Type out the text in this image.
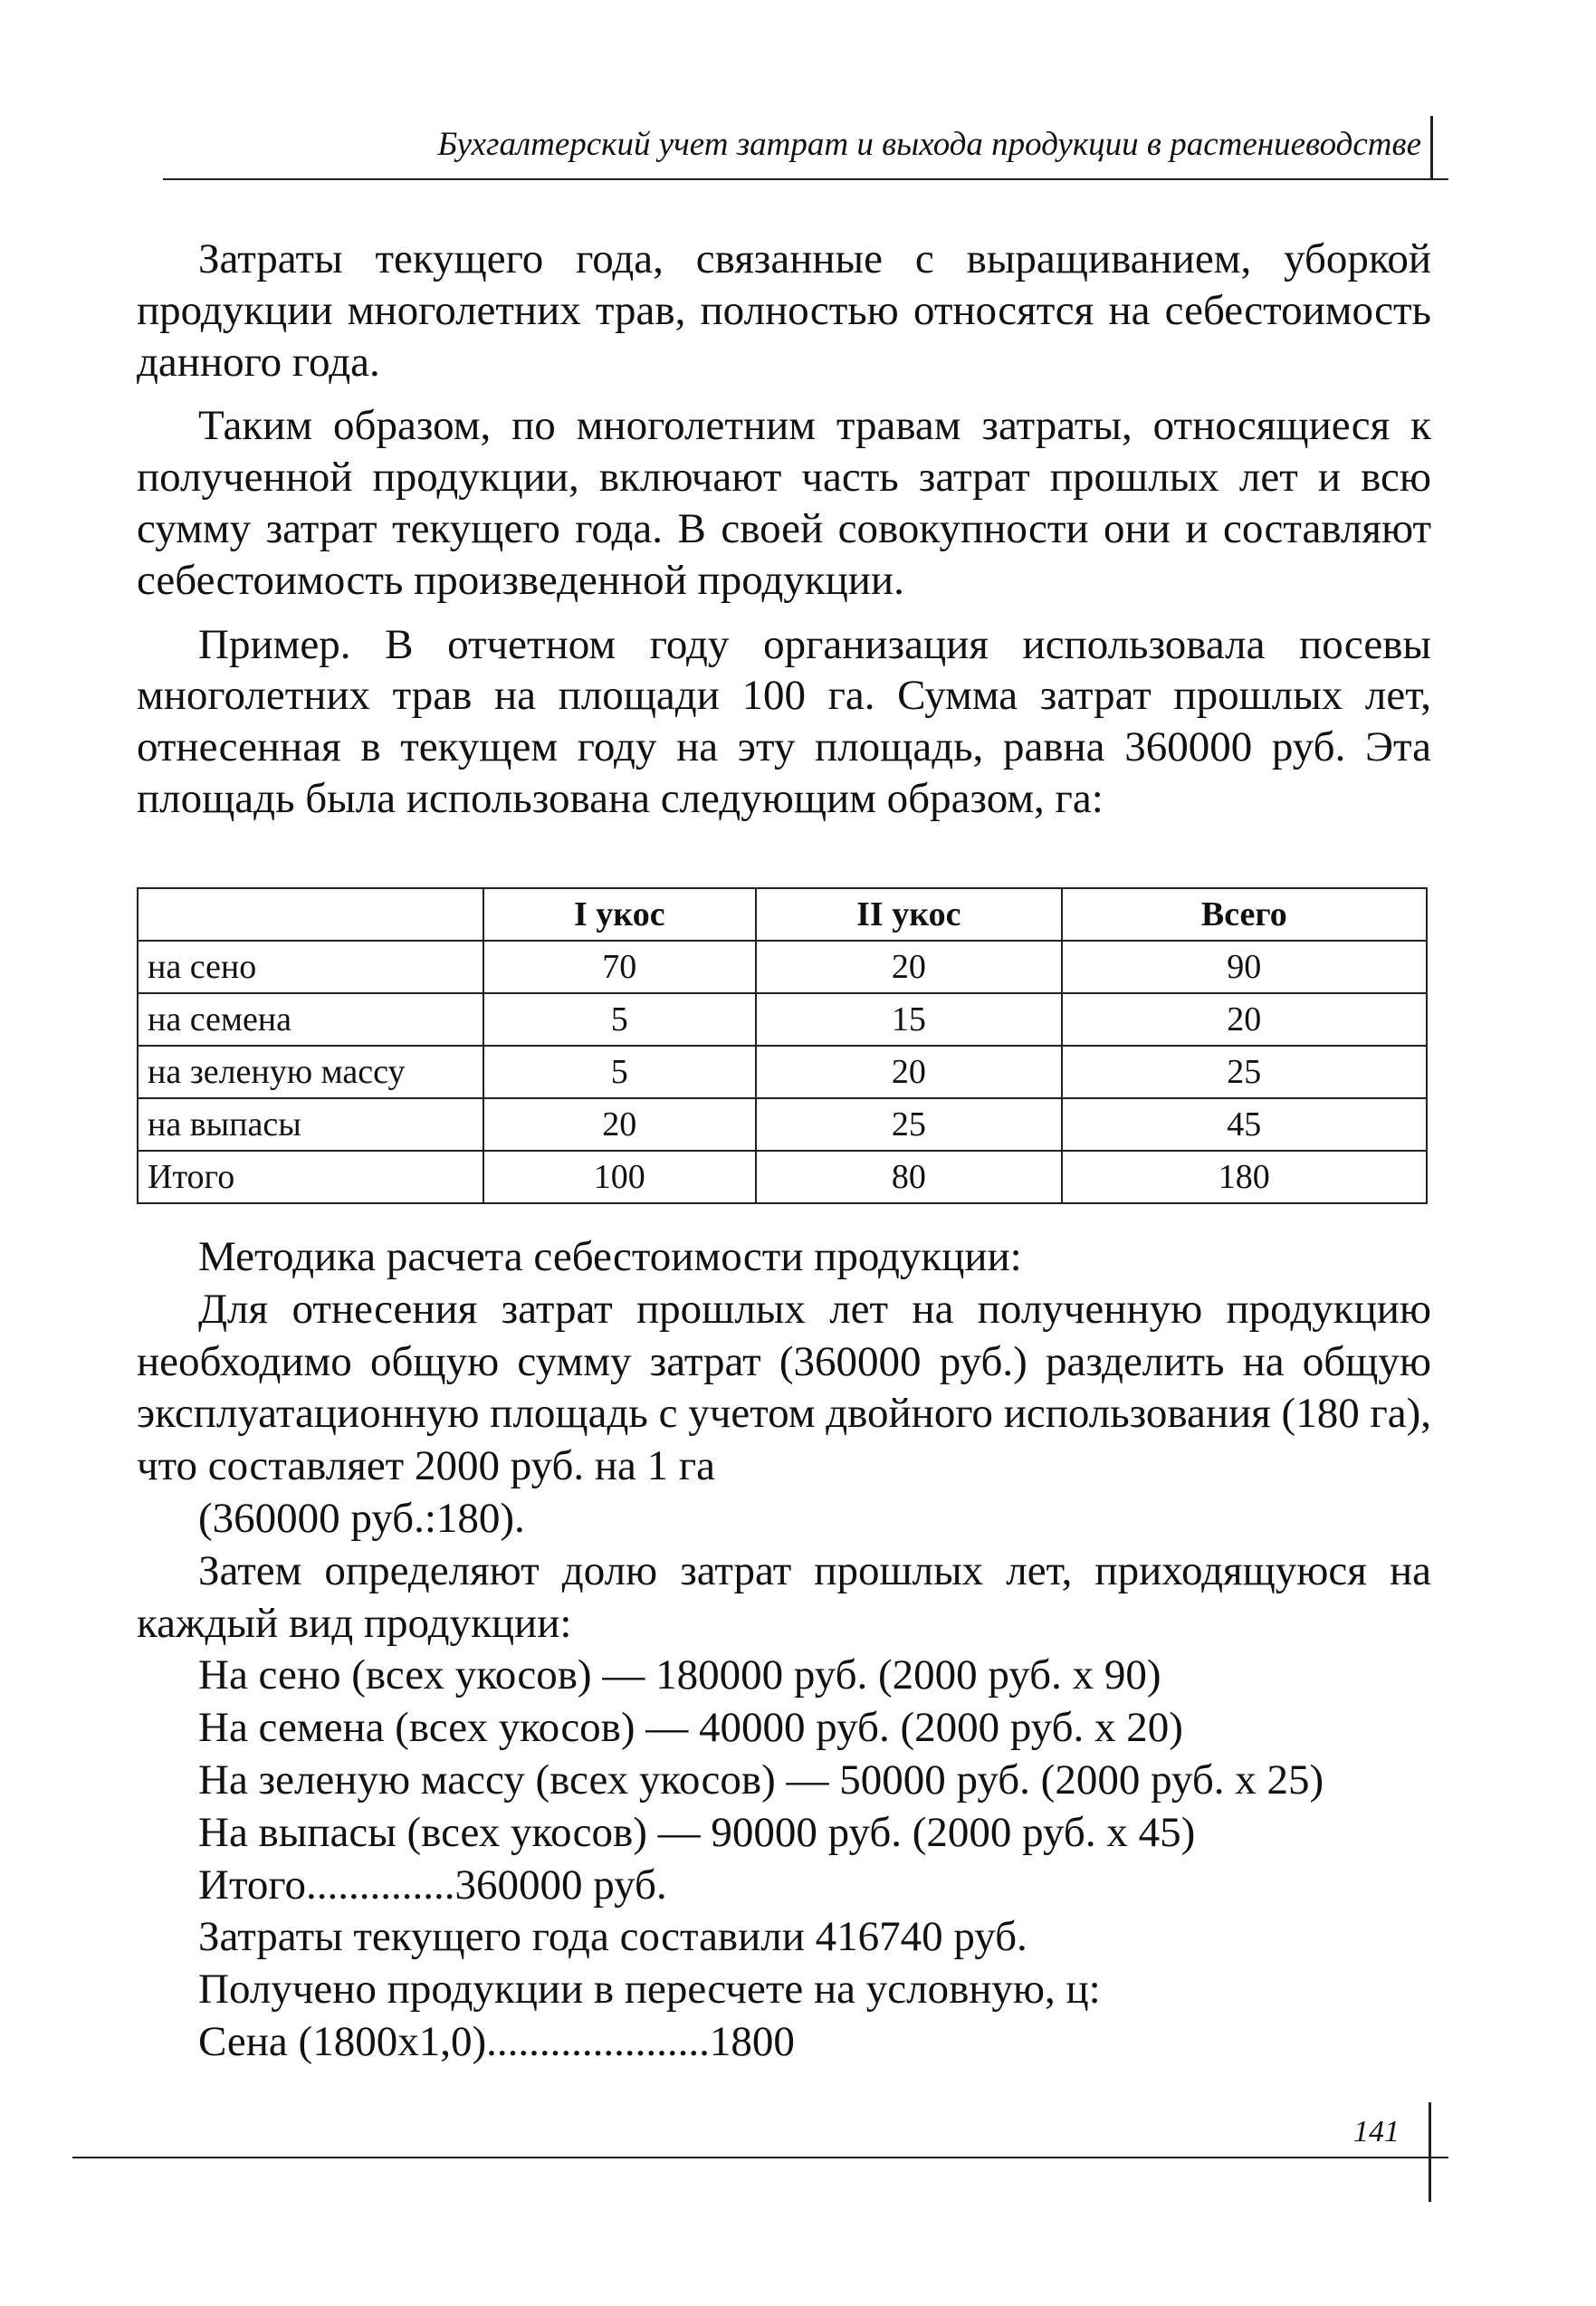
Бухгалтерский учет затрат и выхода продукции в растениеводстве

Затраты текущего года, связанные с выращиванием, уборкой продукции многолетних трав, полностью относятся на себестоимость данного года.

Таким образом, по многолетним травам затраты, относящиеся к полученной продукции, включают часть затрат прошлых лет и всю сумму затрат текущего года. В своей совокупности они и составляют себестоимость произведенной продукции.

Пример. В отчетном году организация использовала посевы многолетних трав на площади 100 га. Сумма затрат прошлых лет, отнесенная в текущем году на эту площадь, равна 360000 руб. Эта площадь была использована следующим образом, га:

	I укос	II укос	Всего
на сено	70	20	90
на семена	5	15	20
на зеленую массу	5	20	25
на выпасы	20	25	45
Итого	100	80	180
Методика расчета себестоимости продукции:
Для отнесения затрат прошлых лет на полученную продукцию необходимо общую сумму затрат (360000 руб.) разделить на общую эксплуатационную площадь с учетом двойного использования (180 га), что составляет 2000 руб. на 1 га
(360000 руб.:180).
Затем определяют долю затрат прошлых лет, приходящуюся на каждый вид продукции:
На сено (всех укосов) — 180000 руб. (2000 руб. х 90)
На семена (всех укосов) — 40000 руб. (2000 руб. х 20)
На зеленую массу (всех укосов) — 50000 руб. (2000 руб. х 25)
На выпасы (всех укосов) — 90000 руб. (2000 руб. х 45)
Итого..............360000 руб.
Затраты текущего года составили 416740 руб.
Получено продукции в пересчете на условную, ц:
Сена (1800х1,0).....................1800
141
